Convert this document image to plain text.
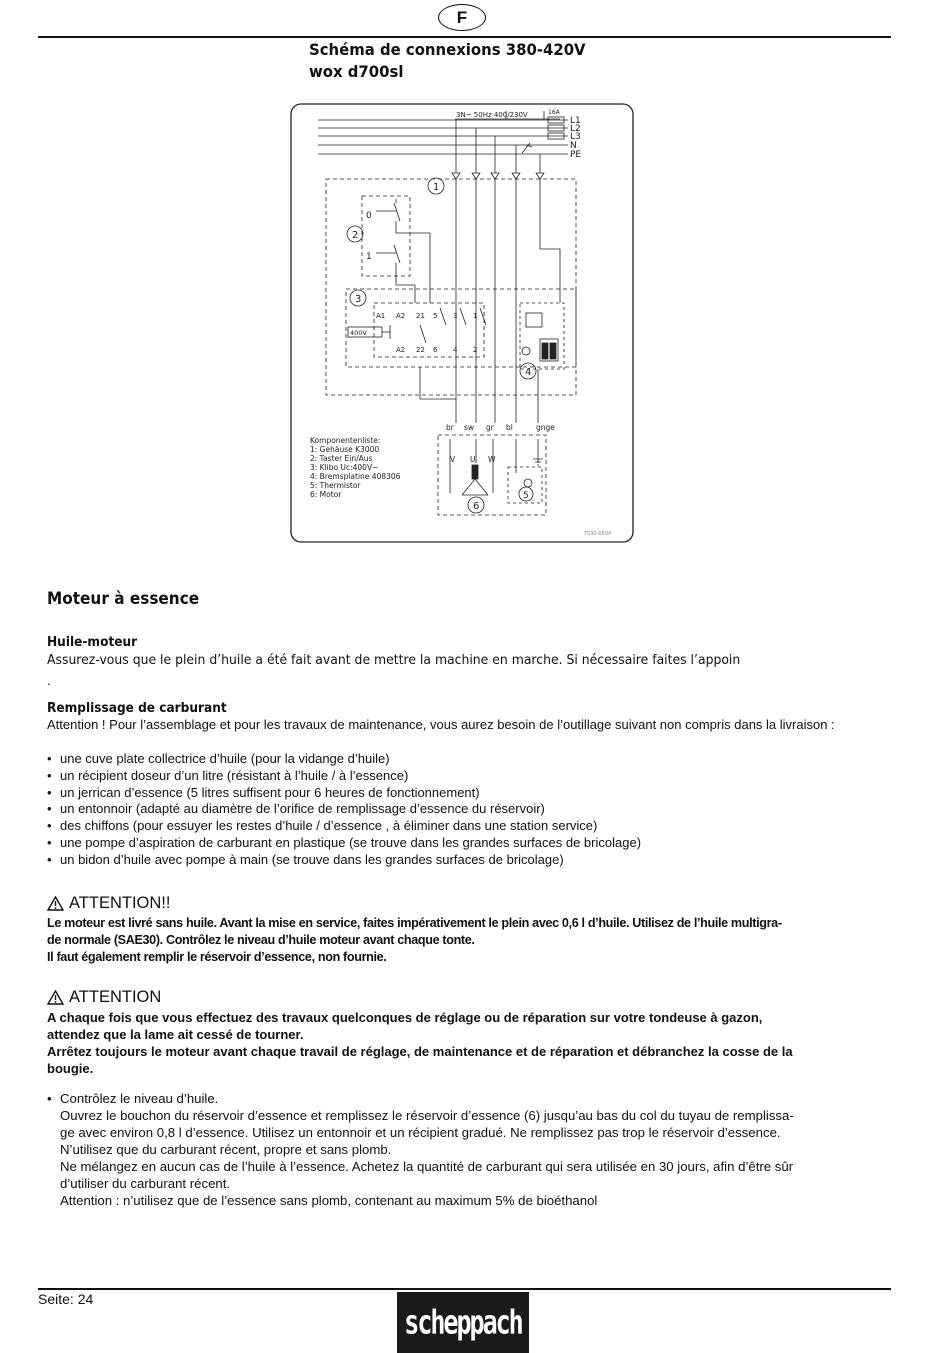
F
Schéma de connexions 380-420V
wox d700sl
3N~ 50Hz 400/230V	16A
L1
L2
L3
N
PE
1
2
0
1
3
A1 A2 21 5 3 1
A2 22 6 4 2
400V
4
br sw gr bl	gnge
V U W
6
5
Komponentenliste:
1: Gehäuse K3000
2: Taster Ein/Aus
3: Klibo Uc:400V~
4: Bremsplatine 408306
5: Thermistor
6: Motor
TS30-0504
Moteur à essence
Huile-moteur
Assurez-vous que le plein d’huile a été fait avant de mettre la machine en marche. Si nécessaire faites l’appoin
.
Remplissage de carburant
Attention ! Pour l’assemblage et pour les travaux de maintenance, vous aurez besoin de l’outillage suivant non compris dans la livraison :
• une cuve plate collectrice d’huile (pour la vidange d’huile)
• un récipient doseur d’un litre (résistant à l’huile / à l’essence)
• un jerrican d’essence (5 litres suffisent pour 6 heures de fonctionnement)
• un entonnoir (adapté au diamètre de l’orifice de remplissage d’essence du réservoir)
• des chiffons (pour essuyer les restes d’huile / d’essence , à éliminer dans une station service)
• une pompe d’aspiration de carburant en plastique (se trouve dans les grandes surfaces de bricolage)
• un bidon d’huile avec pompe à main (se trouve dans les grandes surfaces de bricolage)
ATTENTION!!
Le moteur est livré sans huile. Avant la mise en service, faites impérativement le plein avec 0,6 l d’huile. Utilisez de l’huile multigra-
de normale (SAE30). Contrôlez le niveau d’huile moteur avant chaque tonte.
Il faut également remplir le réservoir d’essence, non fournie.
ATTENTION
A chaque fois que vous effectuez des travaux quelconques de réglage ou de réparation sur votre tondeuse à gazon,
attendez que la lame ait cessé de tourner.
Arrêtez toujours le moteur avant chaque travail de réglage, de maintenance et de réparation et débranchez la cosse de la
bougie.
• Contrôlez le niveau d’huile.
Ouvrez le bouchon du réservoir d’essence et remplissez le réservoir d’essence (6) jusqu’au bas du col du tuyau de remplissa-
ge avec environ 0,8 l d’essence. Utilisez un entonnoir et un récipient gradué. Ne remplissez pas trop le réservoir d’essence.
N’utilisez que du carburant récent, propre et sans plomb.
Ne mélangez en aucun cas de l’huile à l’essence. Achetez la quantité de carburant qui sera utilisée en 30 jours, afin d’être sûr
d’utiliser du carburant récent.
Attention : n’utilisez que de l’essence sans plomb, contenant au maximum 5% de bioéthanol
Seite: 24
scheppach
